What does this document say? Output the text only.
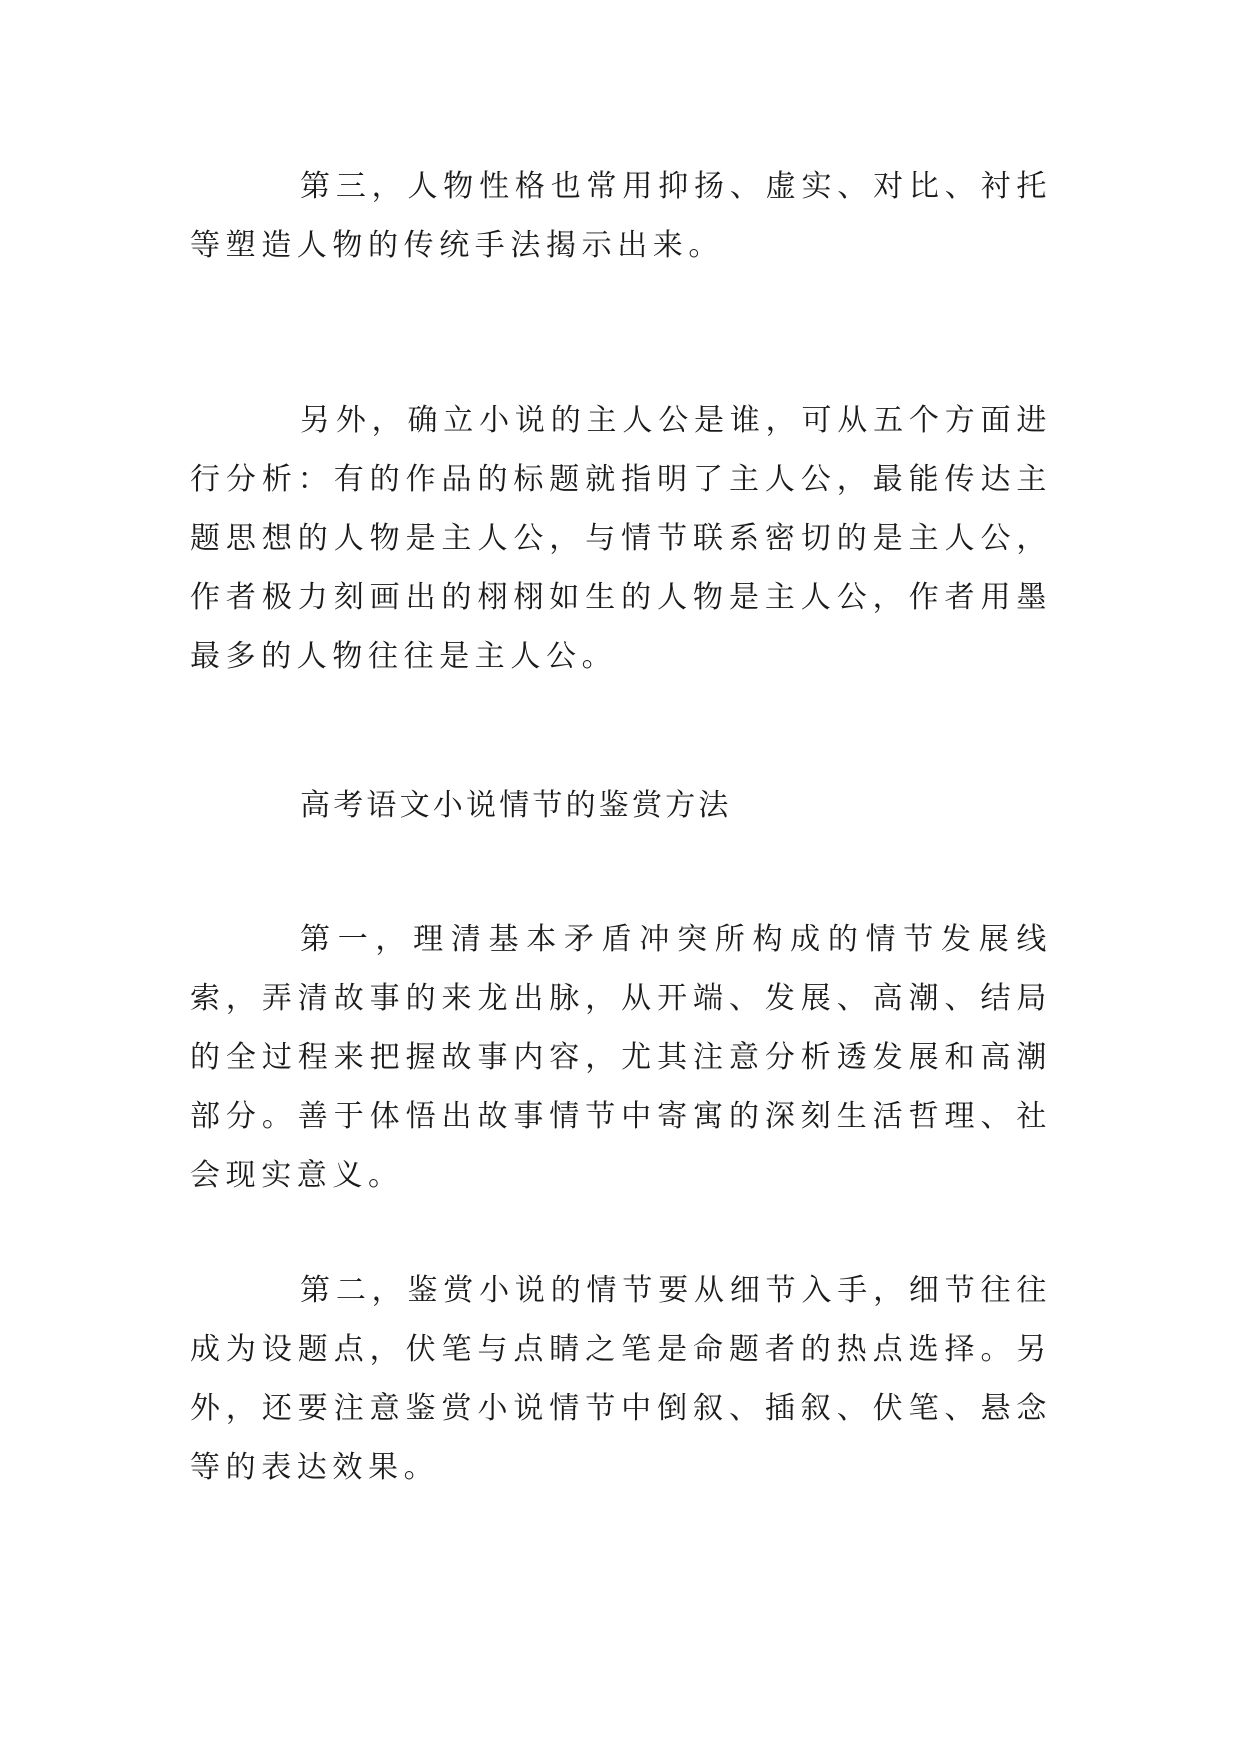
第三，人物性格也常用抑扬、虚实、对比、衬托等塑造人物的传统手法揭示出来。

另外，确立小说的主人公是谁，可从五个方面进行分析：有的作品的标题就指明了主人公，最能传达主题思想的人物是主人公，与情节联系密切的是主人公，作者极力刻画出的栩栩如生的人物是主人公，作者用墨最多的人物往往是主人公。

高考语文小说情节的鉴赏方法

第一，理清基本矛盾冲突所构成的情节发展线索，弄清故事的来龙出脉，从开端、发展、高潮、结局的全过程来把握故事内容，尤其注意分析透发展和高潮部分。善于体悟出故事情节中寄寓的深刻生活哲理、社会现实意义。

第二，鉴赏小说的情节要从细节入手，细节往往成为设题点，伏笔与点睛之笔是命题者的热点选择。另外，还要注意鉴赏小说情节中倒叙、插叙、伏笔、悬念等的表达效果。
